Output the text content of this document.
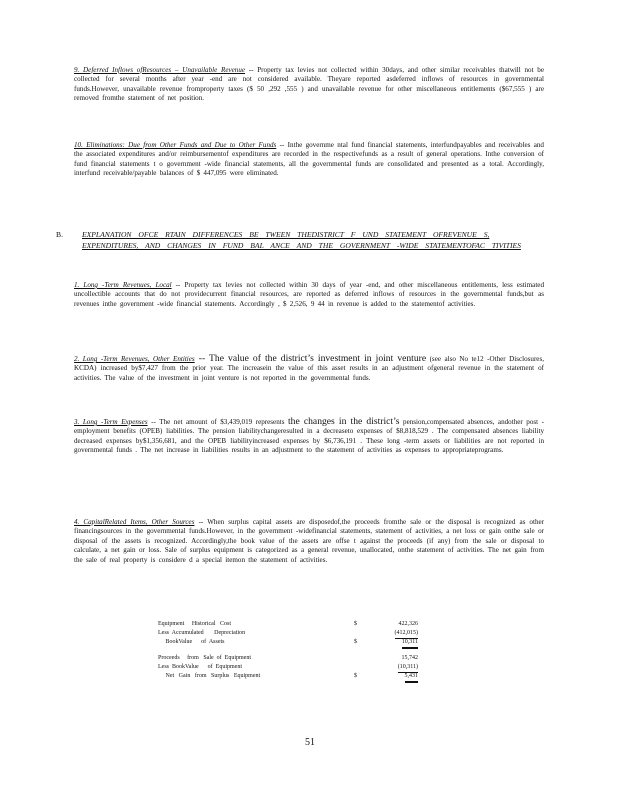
9. Deferred Inflows ofResources – Unavailable Revenue -- Property tax levies not collected within 30days, and other similar receivables thatwill not be collected for several months after year -end are not considered available. Theyare reported asdeferred inflows of resources in governmental funds.However, unavailable revenue fromproperty taxes ($ 50 ,292 ,555 ) and unavailable revenue for other miscellaneous entitlements ($67,555 ) are removed fromthe statement of net position.

10. Eliminations: Due from Other Funds and Due to Other Funds -- Inthe governme ntal fund financial statements, interfundpayables and receivables and the associated expenditures and/or reimbursementof expenditures are recorded in the respectivefunds as a result of general operations. Inthe conversion of fund financial statements t o government -wide financial statements, all the governmental funds are consolidated and presented as a total. Accordingly, interfund receivable/payable balances of $ 447,095 were eliminated.

B.	EXPLANATION OFCE RTAIN DIFFERENCES BE TWEEN THEDISTRICT F UND STATEMENT OFREVENUE S, EXPENDITURES, AND CHANGES IN FUND BAL ANCE AND THE GOVERNMENT -WIDE STATEMENTOFAC TIVITIES

1. Long -Term Revenues, Local -- Property tax levies not collected within 30 days of year -end, and other miscellaneous entitlements, less estimated uncollectible accounts that do not providecurrent financial resources, are reported as deferred inflows of resources in the governmental funds,but as revenues inthe government -wide financial statements. Accordingly , $ 2,526, 9 44 in revenue is added to the statementof activities.

2. Long -Term Revenues, Other Entities -- The value of the district’s investment in joint venture (see also No te12 -Other Disclosures, KCDA) increased by$7,427 from the prior year. The increasein the value of this asset results in an adjustment ofgeneral revenue in the statement of activities. The value of the investment in joint venture is not reported in the governmental funds.

3. Long -Term Expenses -- The net amount of $3,439,019 represents the changes in the district’s pension,compensated absences, andother post -employment benefits (OPEB) liabilities. The pension liabilitychangeresulted in a decreaseto expenses of $8,818,529 . The compensated absences liability decreased expenses by$1,356,681, and the OPEB liabilityincreased expenses by $6,736,191 . These long -term assets or liabilities are not reported in governmental funds . The net increase in liabilities results in an adjustment to the statement of activities as expenses to appropriateprograms.

4. CapitalRelated Items, Other Sources -- When surplus capital assets are disposedof,the proceeds fromthe sale or the disposal is recognized as other financingsources in the governmental funds.However, in the government -widefinancial statements, statement of activities, a net loss or gain onthe sale or disposal of the assets is recognized. Accordingly,the book value of the assets are offse t against the proceeds (if any) from the sale or disposal to calculate, a net gain or loss. Sale of surplus equipment is categorized as a general revenue, unallocated, onthe statement of activities. The net gain from the sale of real property is considere d a special itemon the statement of activities.

Equipment     Historical   Cost	$	422,326
Less  Accumulated       Depreciation	(412,015)
BookValue      of  Assets	$	10,311
Proceeds     from   Sale  of  Equipment	15,742
Less  BookValue      of  Equipment	(10,311)
Net   Gain   from   Surplus   Equipment	$	5,431
51
